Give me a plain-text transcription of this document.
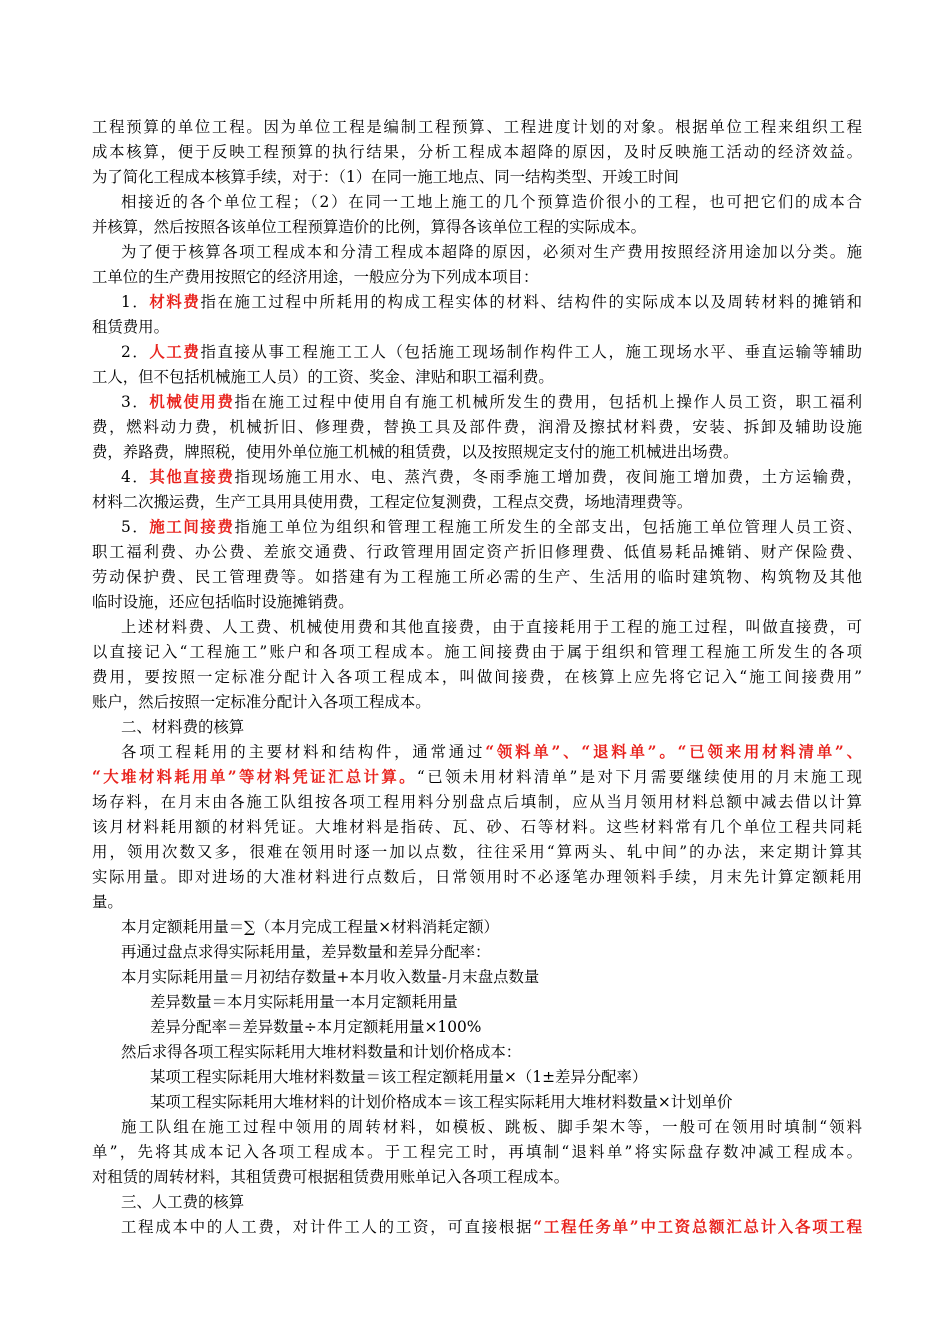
工程预算的单位工程。因为单位工程是编制工程预算、工程进度计划的对象。根据单位工程来组织工程
成本核算，便于反映工程预算的执行结果，分析工程成本超降的原因，及时反映施工活动的经济效益。
为了简化工程成本核算手续，对于：（1）在同一施工地点、同一结构类型、开竣工时间
相接近的各个单位工程；（2）在同一工地上施工的几个预算造价很小的工程，也可把它们的成本合
并核算，然后按照各该单位工程预算造价的比例，算得各该单位工程的实际成本。
为了便于核算各项工程成本和分清工程成本超降的原因，必须对生产费用按照经济用途加以分类。施
工单位的生产费用按照它的经济用途，一般应分为下列成本项目：
1．材料费指在施工过程中所耗用的构成工程实体的材料、结构件的实际成本以及周转材料的摊销和
租赁费用。
2．人工费指直接从事工程施工工人（包括施工现场制作构件工人，施工现场水平、垂直运输等辅助
工人，但不包括机械施工人员）的工资、奖金、津贴和职工福利费。
3．机械使用费指在施工过程中使用自有施工机械所发生的费用，包括机上操作人员工资，职工福利
费，燃料动力费，机械折旧、修理费，替换工具及部件费，润滑及擦拭材料费，安装、拆卸及辅助设施
费，养路费，牌照税，使用外单位施工机械的租赁费，以及按照规定支付的施工机械进出场费。
4．其他直接费指现场施工用水、电、蒸汽费，冬雨季施工增加费，夜间施工增加费，土方运输费，
材料二次搬运费，生产工具用具使用费，工程定位复测费，工程点交费，场地清理费等。
5．施工间接费指施工单位为组织和管理工程施工所发生的全部支出，包括施工单位管理人员工资、
职工福利费、办公费、差旅交通费、行政管理用固定资产折旧修理费、低值易耗品摊销、财产保险费、
劳动保护费、民工管理费等。如搭建有为工程施工所必需的生产、生活用的临时建筑物、构筑物及其他
临时设施，还应包括临时设施摊销费。
上述材料费、人工费、机械使用费和其他直接费，由于直接耗用于工程的施工过程，叫做直接费，可
以直接记入“工程施工”账户和各项工程成本。施工间接费由于属于组织和管理工程施工所发生的各项
费用，要按照一定标准分配计入各项工程成本，叫做间接费，在核算上应先将它记入“施工间接费用”
账户，然后按照一定标准分配计入各项工程成本。
二、材料费的核算
各项工程耗用的主要材料和结构件，通常通过“领料单”、“退料单”。“已领来用材料清单”、
“大堆材料耗用单”等材料凭证汇总计算。“已领未用材料清单”是对下月需要继续使用的月末施工现
场存料，在月末由各施工队组按各项工程用料分别盘点后填制，应从当月领用材料总额中减去借以计算
该月材料耗用额的材料凭证。大堆材料是指砖、瓦、砂、石等材料。这些材料常有几个单位工程共同耗
用，领用次数又多，很难在领用时逐一加以点数，往往采用“算两头、轧中间”的办法，来定期计算其
实际用量。即对进场的大准材料进行点数后，日常领用时不必逐笔办理领料手续，月末先计算定额耗用
量。
本月定额耗用量＝∑（本月完成工程量×材料消耗定额）
再通过盘点求得实际耗用量，差异数量和差异分配率：
本月实际耗用量＝月初结存数量+本月收入数量-月末盘点数量
差异数量＝本月实际耗用量一本月定额耗用量
差异分配率＝差异数量÷本月定额耗用量×100%
然后求得各项工程实际耗用大堆材料数量和计划价格成本：
某项工程实际耗用大堆材料数量＝该工程定额耗用量×（1±差异分配率）
某项工程实际耗用大堆材料的计划价格成本＝该工程实际耗用大堆材料数量×计划单价
施工队组在施工过程中领用的周转材料，如模板、跳板、脚手架木等，一般可在领用时填制“领料
单”，先将其成本记入各项工程成本。于工程完工时，再填制“退料单”将实际盘存数冲减工程成本。
对租赁的周转材料，其租赁费可根据租赁费用账单记入各项工程成本。
三、人工费的核算
工程成本中的人工费，对计件工人的工资，可直接根据“工程任务单”中工资总额汇总计入各项工程
